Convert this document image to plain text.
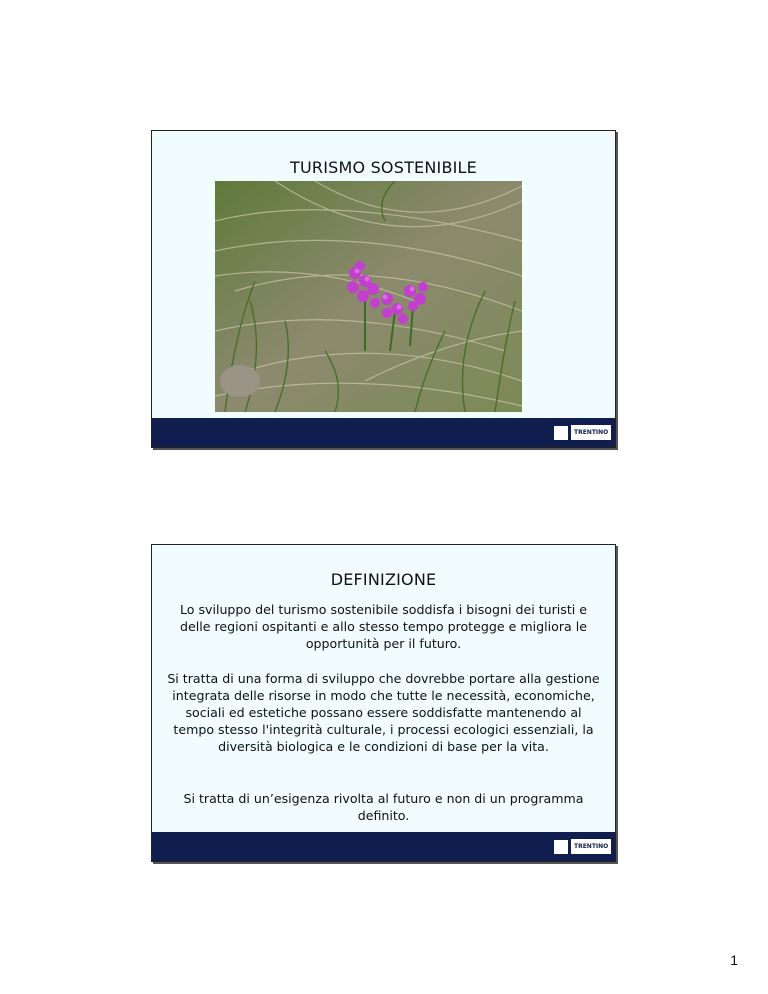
TURISMO SOSTENIBILE
TRENTINO
DEFINIZIONE
Lo sviluppo del turismo sostenibile soddisfa i bisogni dei turisti e delle regioni ospitanti e allo stesso tempo protegge e migliora le opportunità per il futuro.
Si tratta di una forma di sviluppo che dovrebbe portare alla gestione integrata delle risorse in modo che tutte le necessità, economiche, sociali ed estetiche possano essere soddisfatte mantenendo al tempo stesso l'integrità culturale, i processi ecologici essenziali, la diversità biologica e le condizioni di base per la vita.
Si tratta di un’esigenza rivolta al futuro e non di un programma definito.
TRENTINO
1
